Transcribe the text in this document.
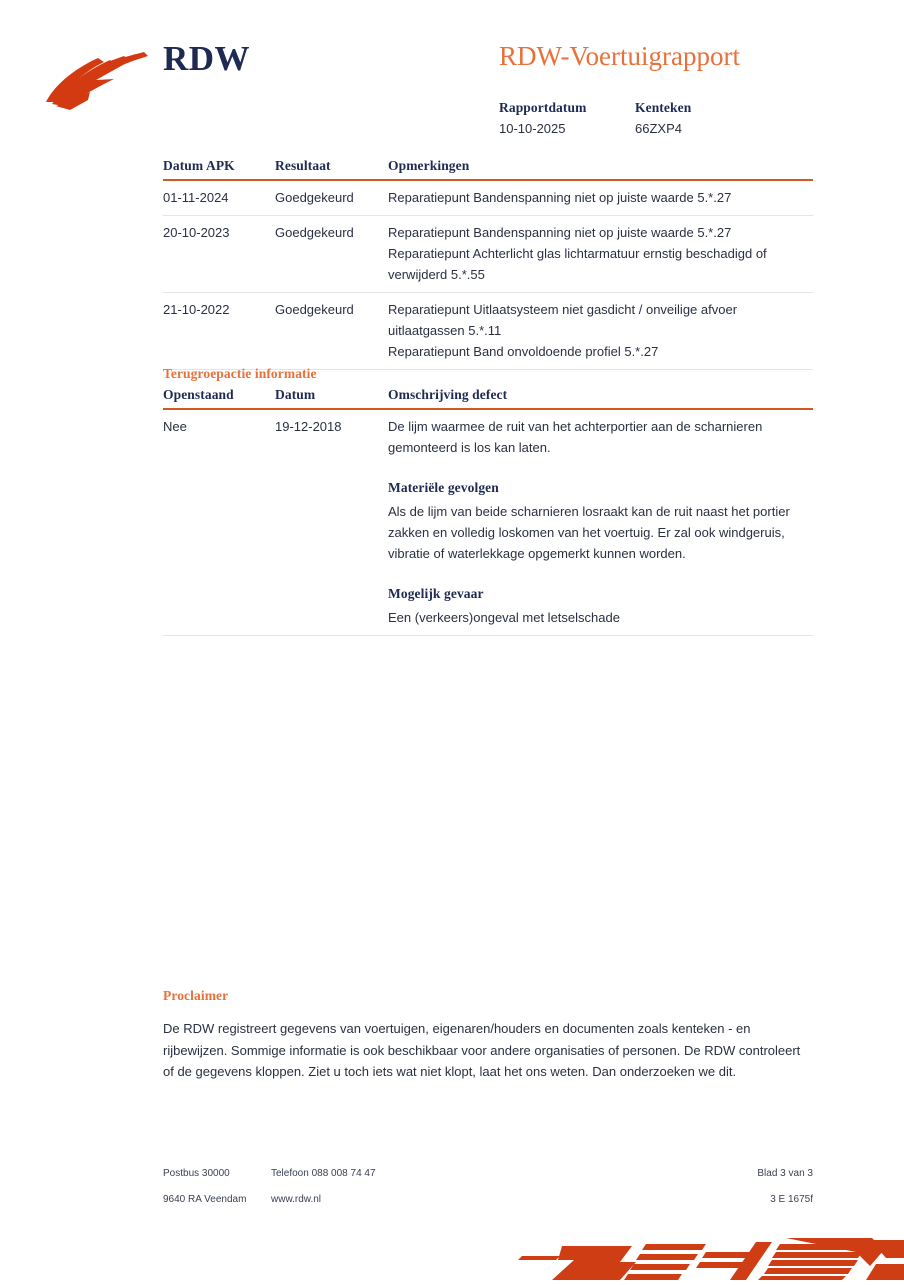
RDW	RDW-Voertuigrapport
Rapportdatum
10-10-2025
Kenteken
66ZXP4
Datum APK	Resultaat	Opmerkingen
01-11-2024	Goedgekeurd	Reparatiepunt Bandenspanning niet op juiste waarde 5.*.27

20-10-2023	Goedgekeurd	Reparatiepunt Bandenspanning niet op juiste waarde 5.*.27
Reparatiepunt Achterlicht glas lichtarmatuur ernstig beschadigd of verwijderd 5.*.55

21-10-2022	Goedgekeurd	Reparatiepunt Uitlaatsysteem niet gasdicht / onveilige afvoer uitlaatgassen 5.*.11
Reparatiepunt Band onvoldoende profiel 5.*.27
Terugroepactie informatie
Openstaand	Datum	Omschrijving defect
Nee	19-12-2018	De lijm waarmee de ruit van het achterportier aan de scharnieren gemonteerd is los kan laten.
Materiële gevolgen
Als de lijm van beide scharnieren losraakt kan de ruit naast het portier zakken en volledig loskomen van het voertuig. Er zal ook windgeruis, vibratie of waterlekkage opgemerkt kunnen worden.
Mogelijk gevaar
Een (verkeers)ongeval met letselschade
Proclaimer

De RDW registreert gegevens van voertuigen, eigenaren/houders en documenten zoals kenteken - en rijbewijzen. Sommige informatie is ook beschikbaar voor andere organisaties of personen. De RDW controleert of de gegevens kloppen. Ziet u toch iets wat niet klopt, laat het ons weten. Dan onderzoeken we dit.

Postbus 30000	Telefoon 088 008 74 47	Blad 3 van 3
9640 RA Veendam	www.rdw.nl	3 E 1675f
